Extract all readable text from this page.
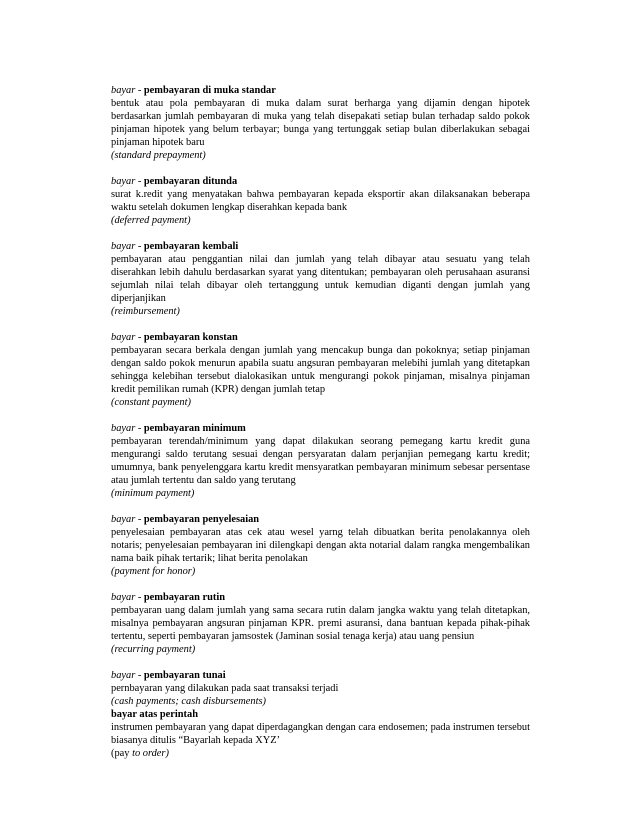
bayar - pembayaran di muka standar
bentuk atau pola pembayaran di muka dalam surat berharga yang dijamin dengan hipotek berdasarkan jumlah pembayaran di muka yang telah disepakati setiap bulan terhadap saldo pokok pinjaman hipotek yang belum terbayar; bunga yang tertunggak setiap bulan diberlakukan sebagai pinjaman hipotek baru
(standard prepayment)
bayar - pembayaran ditunda
surat k.redit yang menyatakan bahwa pembayaran kepada eksportir akan dilaksanakan beberapa waktu setelah dokumen lengkap diserahkan kepada bank
(deferred payment)
bayar - pembayaran kembali
pembayaran atau penggantian nilai dan jumlah yang telah dibayar atau sesuatu yang telah diserahkan lebih dahulu berdasarkan syarat yang ditentukan; pembayaran oleh perusahaan asuransi sejumlah nilai telah dibayar oleh tertanggung untuk kemudian diganti dengan jumlah yang diperjanjikan
(reimbursement)
bayar - pembayaran konstan
pembayaran secara berkala dengan jumlah yang mencakup bunga dan pokoknya; setiap pinjaman dengan saldo pokok menurun apabila suatu angsuran pembayaran melebihi jumlah yang ditetapkan sehingga kelebihan tersebut dialokasikan untuk mengurangi pokok pinjaman, misalnya pinjaman kredit pemilikan rumah (KPR) dengan jumlah tetap
(constant payment)
bayar - pembayaran minimum
pembayaran terendah/minimum yang dapat dilakukan seorang pemegang kartu kredit guna mengurangi saldo terutang sesuai dengan persyaratan dalam perjanjian pemegang kartu kredit; umumnya, bank penyelenggara kartu kredit mensyaratkan pembayaran minimum sebesar persentase atau jumlah tertentu dan saldo yang terutang
(minimum payment)
bayar - pembayaran penyelesaian
penyelesaian pembayaran atas cek atau wesel yarng telah dibuatkan berita penolakannya oleh notaris; penyelesaian pembayaran ini dilengkapi dengan akta notarial dalam rangka mengembalikan nama baik pihak tertarik; lihat berita penolakan
(payment for honor)
bayar - pembayaran rutin
pembayaran uang dalam jumlah yang sama secara rutin dalam jangka waktu yang telah ditetapkan, misalnya pembayaran angsuran pinjaman KPR. premi asuransi, dana bantuan kepada pihak-pihak tertentu, seperti pembayaran jamsostek (Jaminan sosial tenaga kerja) atau uang pensiun
(recurring payment)
bayar - pembayaran tunai
pernbayaran yang dilakukan pada saat transaksi terjadi
(cash payments; cash disbursements)
bayar atas perintah
instrumen pembayaran yang dapat diperdagangkan dengan cara endosemen; pada instrumen tersebut biasanya ditulis “Bayarlah kepada XYZ’
(pay to order)
